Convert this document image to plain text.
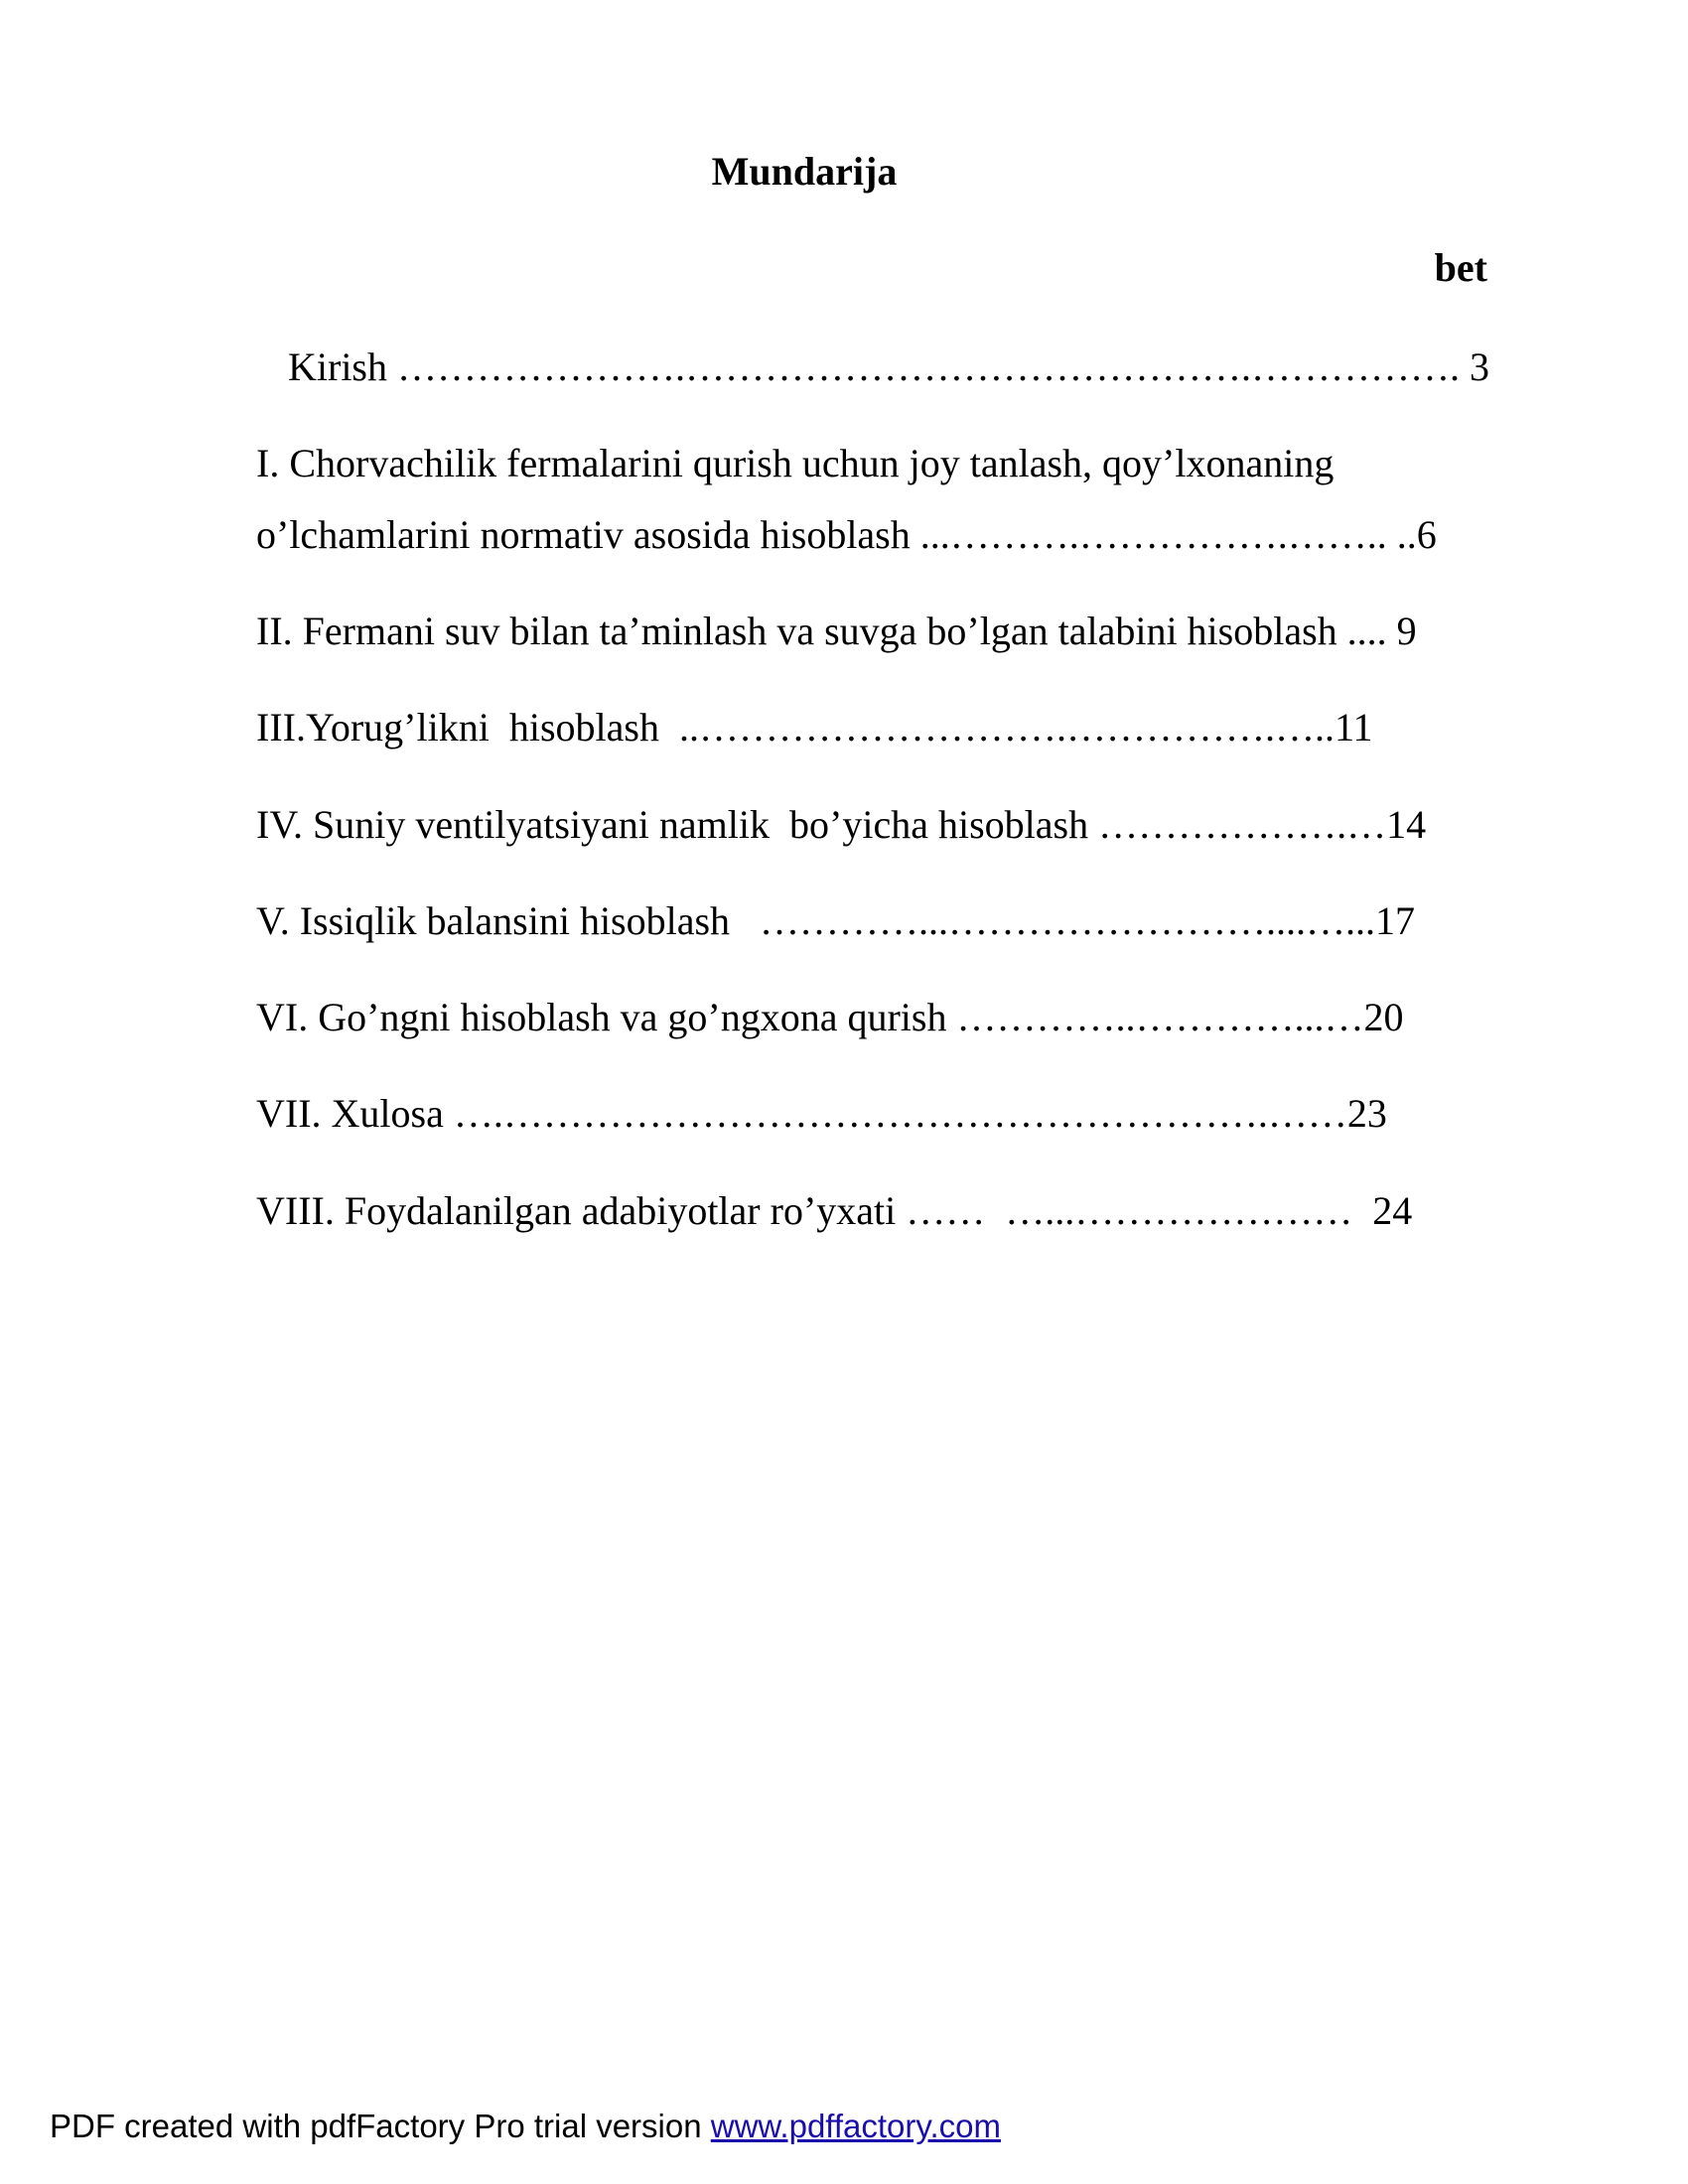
Mundarija
bet
Kirish ………………….…………………………………….……………. 3
I. Chorvachilik fermalarini qurish uchun joy tanlash, qoy’lxonaning
o’lchamlarini normativ asosida hisoblash ...……….…………….…….. ..6
II. Fermani suv bilan ta’minlash va suvga bo’lgan talabini hisoblash .... 9
III.Yorug’likni  hisoblash  ..……………………….…………….…..11
IV. Suniy ventilyatsiyani namlik  bo’yicha hisoblash ……………….…14
V. Issiqlik balansini hisoblash   …………...……………………....…...17
VI. Go’ngni hisoblash va go’ngxona qurish …………..…………...…20
VII. Xulosa ….………………………………………………….……23
VIII. Foydalanilgan adabiyotlar ro’yxati ……  …...…………………  24
PDF created with pdfFactory Pro trial version www.pdffactory.com
